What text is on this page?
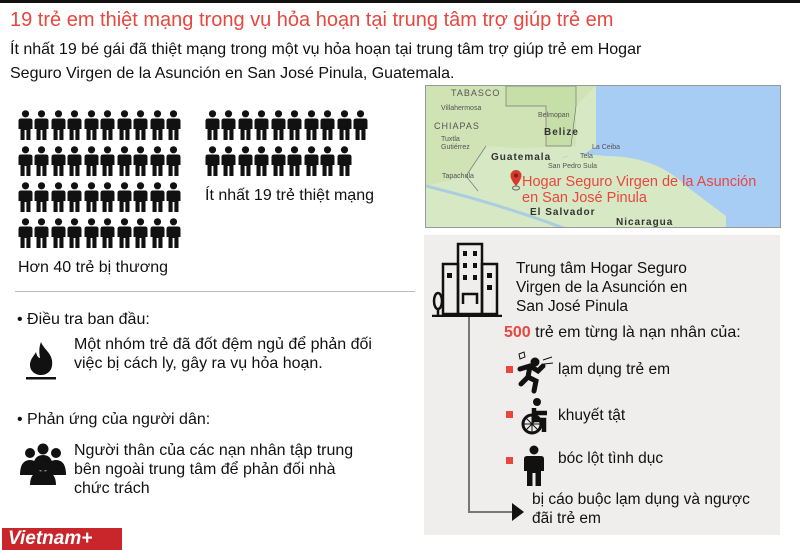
19 trẻ em thiệt mạng trong vụ hỏa hoạn tại trung tâm trợ giúp trẻ em
Ít nhất 19 bé gái đã thiệt mạng trong một vụ hỏa hoạn tại trung tâm trợ giúp trẻ em Hogar Seguro Virgen de la Asunción en San José Pinula, Guatemala.
Hơn 40 trẻ bị thương
Ít nhất 19 trẻ thiệt mạng
• Điều tra ban đầu:
Một nhóm trẻ đã đốt đệm ngủ để phản đối việc bị cách ly, gây ra vụ hỏa hoạn.
• Phản ứng của người dân:
Người thân của các nạn nhân tập trung bên ngoài trung tâm để phản đối nhà chức trách
TABASCO
Villahermosa
CHIAPAS
Tuxtla Gutiérrez
Belmopan
Tapachula
La Ceiba
Tela
San Pedro Sula
Belize
Guatemala
El Salvador
Nicaragua
Hogar Seguro Virgen de la Asunción en San José Pinula
Trung tâm Hogar Seguro Virgen de la Asunción en San José Pinula
500 trẻ em từng là nạn nhân của:
lạm dụng trẻ em
khuyết tật
bóc lột tình dục
bị cáo buộc lạm dụng và ngược đãi trẻ em
Vietnam+
